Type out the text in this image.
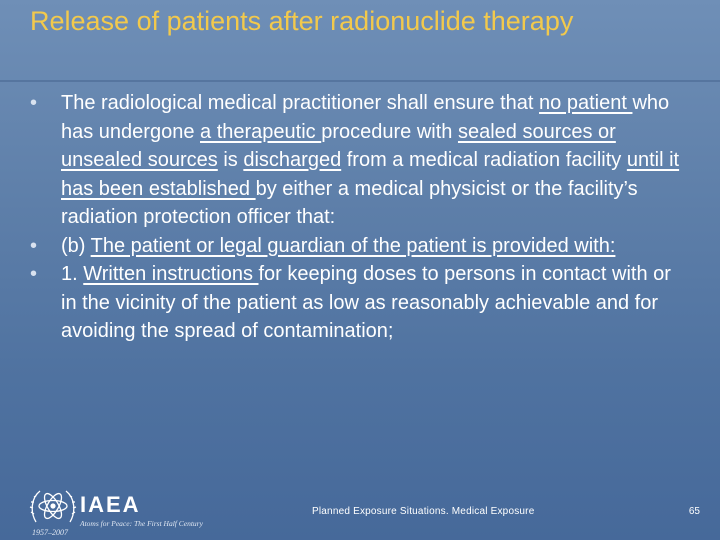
Release of patients after radionuclide therapy
• The radiological medical practitioner shall ensure that no patient who has undergone a therapeutic procedure with sealed sources or unsealed sources is discharged from a medical radiation facility until it has been established by either a medical physicist or the facility’s radiation protection officer that:
• (b) The patient or legal guardian of the patient is provided with:
• 1. Written instructions for keeping doses to persons in contact with or in the vicinity of the patient as low as reasonably achievable and for avoiding the spread of contamination;
IAEA
Atoms for Peace: The First Half Century
1957–2007
Planned Exposure Situations. Medical Exposure	65
